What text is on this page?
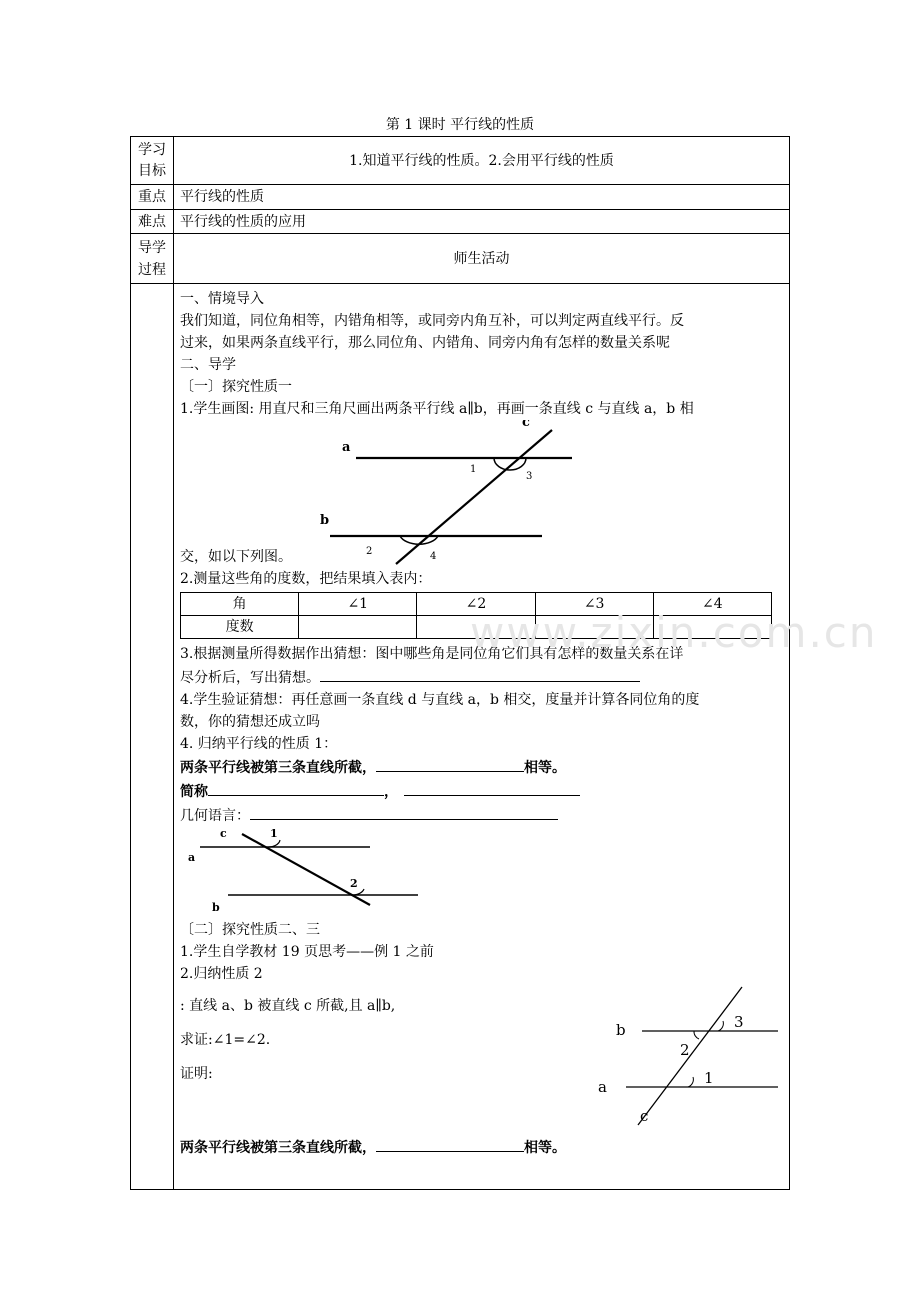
第 1 课时 平行线的性质
学习
目标
	1.知道平行线的性质。2.会用平行线的性质
重点	平行线的性质
难点	平行线的性质的应用

导学
过程
	师生活动

一、情境导入

我们知道，同位角相等，内错角相等，或同旁内角互补，可以判定两直线平行。反

过来，如果两条直线平行，那么同位角、内错角、同旁内角有怎样的数量关系呢

二、导学

〔一〕探究性质一

1.学生画图: 用直尺和三角尺画出两条平行线 a∥b，再画一条直线 c 与直线 a，b 相

a
b
c
1
2
3
4
交，如以下列图。

2.测量这些角的度数，把结果填入表内：

角	∠1	∠2	∠3	∠4
度数				

3.根据测量所得数据作出猜想：图中哪些角是同位角它们具有怎样的数量关系在详

尽分析后，写出猜想。

4.学生验证猜想：再任意画一条直线 d 与直线 a，b 相交，度量并计算各同位角的度

数，你的猜想还成立吗

4. 归纳平行线的性质 1：

两条平行线被第三条直线所截，	相等。

简称	，

几何语言：

c
a
b
1
2

〔二〕探究性质二、三

1.学生自学教材 19 页思考——例 1 之前

2.归纳性质 2

: 直线 a、b 被直线 c 所截,且 a∥b,
求证:∠1=∠2.
证明:
b
a
c
3
2
1

两条平行线被第三条直线所截，	相等。

www.zixin.com.cn
